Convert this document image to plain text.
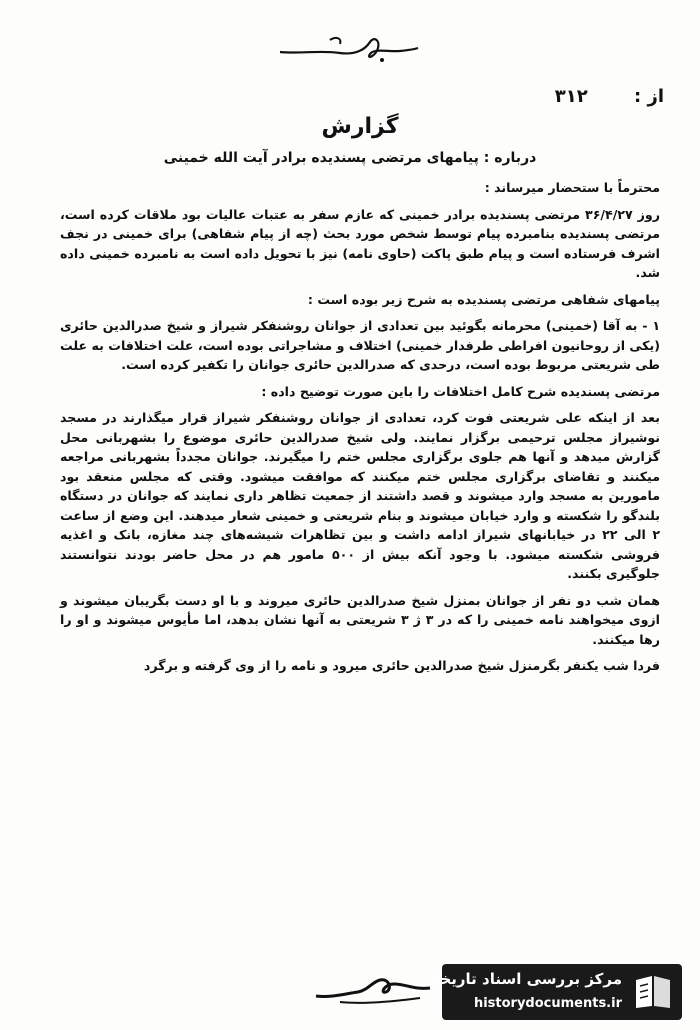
از : ۳۱۲
گزارش
درباره : پیامهای مرتضی پسندیده برادر آیت الله خمینی

محترماً با ستحضار میرساند :

روز ۳۶/۴/۲۷ مرتضی پسندیده برادر خمینی که عازم سفر به عتبات عالیات بود ملاقات کرده است، مرتضی پسندیده بنامبرده پیام توسط شخص مورد بحث (چه از پیام شفاهی) برای خمینی در نجف اشرف فرستاده است و پیام طبق پاکت (حاوی نامه) نیز با تحویل داده است به نامبرده خمینی داده شد.

پیامهای شفاهی مرتضی پسندیده به شرح زیر بوده است :

۱ - به آقا (خمینی) محرمانه بگوئید بین تعدادی از جوانان روشنفکر شیراز و شیخ صدرالدین حائری (یکی از روحانیون افراطی طرفدار خمینی) اختلاف و مشاجراتی بوده است، علت اختلافات به علت طی شریعتی مربوط بوده است، درحدی که صدرالدین حائری جوانان را تکفیر کرده است.

مرتضی پسندیده شرح کامل اختلافات را باین صورت توضیح داده :

بعد از اینکه علی شریعتی فوت کرد، تعدادی از جوانان روشنفکر شیراز قرار میگذارند در مسجد نوشیراز مجلس ترحیمی برگزار نمایند. ولی شیخ صدرالدین حائری موضوع را بشهربانی محل گزارش میدهد و آنها هم جلوی برگزاری مجلس ختم را میگیرند. جوانان مجدداً بشهربانی مراجعه میکنند و تقاضای برگزاری مجلس ختم میکنند که موافقت میشود. وقتی که مجلس منعقد بود مامورین به مسجد وارد میشوند و قصد داشتند از جمعیت تظاهر داری نمایند که جوانان در دستگاه بلندگو را شکسته و وارد خیابان میشوند و بنام شریعتی و خمینی شعار میدهند. این وضع از ساعت ۲ الی ۲۲ در خیابانهای شیراز ادامه داشت و بین تظاهرات شیشه‌های چند مغازه، بانک و اغذیه فروشی شکسته میشود. با وجود آنکه بیش از ۵۰۰ مامور هم در محل حاضر بودند نتوانستند جلوگیری بکنند.

همان شب دو نفر از جوانان بمنزل شیخ صدرالدین حائری میروند و با او دست بگریبان میشوند و ازوی میخواهند نامه خمینی را که در ۳ ژ ۳ شریعتی به آنها نشان بدهد، اما مأیوس میشوند و او را رها میکنند.

فردا شب یکنفر بگرمنزل شیخ صدرالدین حائری میرود و نامه را از وی گرفته و برگرد

مرکز بررسی اسناد تاریخی
historydocuments.ir
